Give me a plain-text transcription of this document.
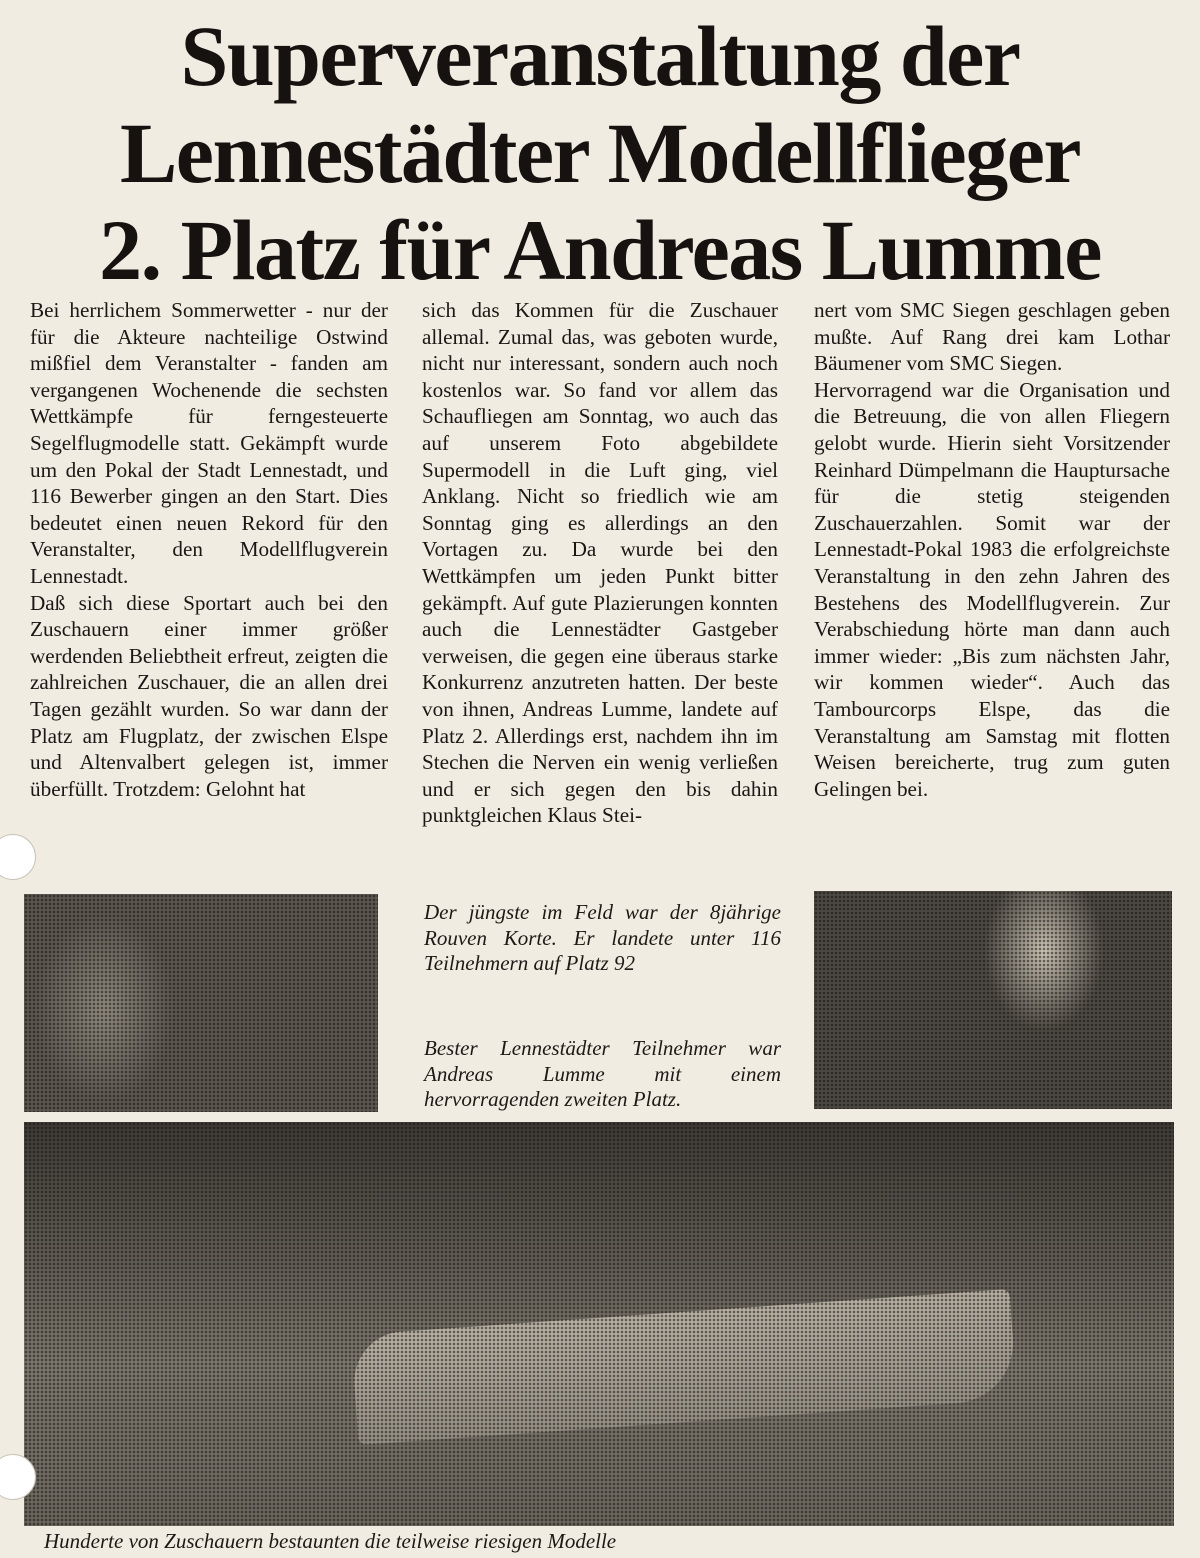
Superveranstaltung der
Lennestädter Modellflieger
2. Platz für Andreas Lumme

Bei herrlichem Sommerwetter - nur der für die Akteure nachteilige Ostwind mißfiel dem Veranstalter - fanden am vergangenen Wochenende die sechsten Wettkämpfe für ferngesteuerte Segelflugmodelle statt. Gekämpft wurde um den Pokal der Stadt Lennestadt, und 116 Bewerber gingen an den Start. Dies bedeutet einen neuen Rekord für den Veranstalter, den Modellflugverein Lennestadt.

Daß sich diese Sportart auch bei den Zuschauern einer immer größer werdenden Beliebtheit erfreut, zeigten die zahlreichen Zuschauer, die an allen drei Tagen gezählt wurden. So war dann der Platz am Flugplatz, der zwischen Elspe und Altenvalbert gelegen ist, immer überfüllt. Trotzdem: Gelohnt hat

sich das Kommen für die Zuschauer allemal. Zumal das, was geboten wurde, nicht nur interessant, sondern auch noch kostenlos war. So fand vor allem das Schaufliegen am Sonntag, wo auch das auf unserem Foto abgebildete Supermodell in die Luft ging, viel Anklang. Nicht so friedlich wie am Sonntag ging es allerdings an den Vortagen zu. Da wurde bei den Wettkämpfen um jeden Punkt bitter gekämpft. Auf gute Plazierungen konnten auch die Lennestädter Gastgeber verweisen, die gegen eine überaus starke Konkurrenz anzutreten hatten. Der beste von ihnen, Andreas Lumme, landete auf Platz 2. Allerdings erst, nachdem ihn im Stechen die Nerven ein wenig verließen und er sich gegen den bis dahin punktgleichen Klaus Stei-

nert vom SMC Siegen geschlagen geben mußte. Auf Rang drei kam Lothar Bäumener vom SMC Siegen.

Hervorragend war die Organisation und die Betreuung, die von allen Fliegern gelobt wurde. Hierin sieht Vorsitzender Reinhard Dümpelmann die Hauptursache für die stetig steigenden Zuschauerzahlen. Somit war der Lennestadt-Pokal 1983 die erfolgreichste Veranstaltung in den zehn Jahren des Bestehens des Modellflugverein. Zur Verabschiedung hörte man dann auch immer wieder: „Bis zum nächsten Jahr, wir kommen wieder“. Auch das Tambourcorps Elspe, das die Veranstaltung am Samstag mit flotten Weisen bereicherte, trug zum guten Gelingen bei.

Der jüngste im Feld war der 8jährige Rouven Korte. Er landete unter 116 Teilnehmern auf Platz 92
Bester Lennestädter Teilnehmer war Andreas Lumme mit einem hervorragenden zweiten Platz.
Hunderte von Zuschauern bestaunten die teilweise riesigen Modelle
